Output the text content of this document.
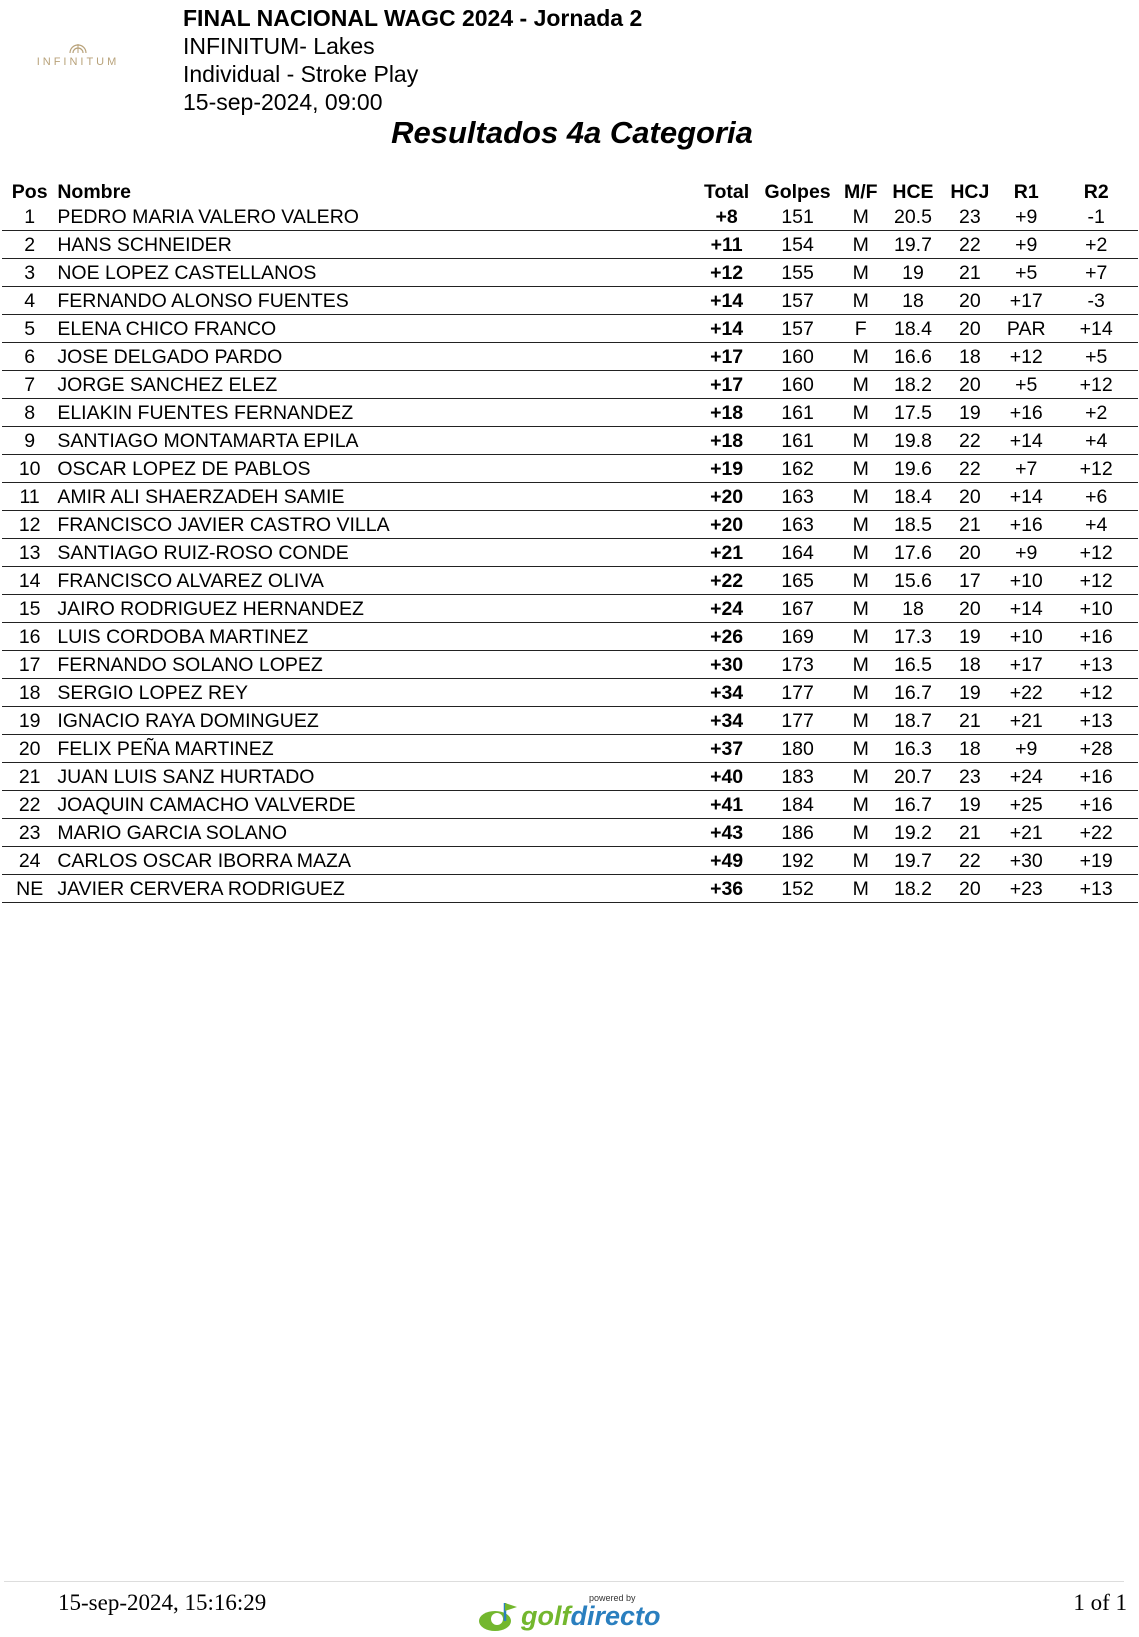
INFINITUM
FINAL NACIONAL WAGC 2024 - Jornada 2
INFINITUM- Lakes
Individual - Stroke Play
15-sep-2024, 09:00
Resultados 4a Categoria
Pos	Nombre	Total	Golpes	M/F	HCE	HCJ	R1	R2
1	PEDRO MARIA VALERO VALERO	+8	151	M	20.5	23	+9	-1
2	HANS SCHNEIDER	+11	154	M	19.7	22	+9	+2
3	NOE LOPEZ CASTELLANOS	+12	155	M	19	21	+5	+7
4	FERNANDO ALONSO FUENTES	+14	157	M	18	20	+17	-3
5	ELENA CHICO FRANCO	+14	157	F	18.4	20	PAR	+14
6	JOSE DELGADO PARDO	+17	160	M	16.6	18	+12	+5
7	JORGE SANCHEZ ELEZ	+17	160	M	18.2	20	+5	+12
8	ELIAKIN FUENTES FERNANDEZ	+18	161	M	17.5	19	+16	+2
9	SANTIAGO MONTAMARTA EPILA	+18	161	M	19.8	22	+14	+4
10	OSCAR LOPEZ DE PABLOS	+19	162	M	19.6	22	+7	+12
11	AMIR ALI SHAERZADEH SAMIE	+20	163	M	18.4	20	+14	+6
12	FRANCISCO JAVIER CASTRO VILLA	+20	163	M	18.5	21	+16	+4
13	SANTIAGO RUIZ-ROSO CONDE	+21	164	M	17.6	20	+9	+12
14	FRANCISCO ALVAREZ OLIVA	+22	165	M	15.6	17	+10	+12
15	JAIRO RODRIGUEZ HERNANDEZ	+24	167	M	18	20	+14	+10
16	LUIS CORDOBA MARTINEZ	+26	169	M	17.3	19	+10	+16
17	FERNANDO SOLANO LOPEZ	+30	173	M	16.5	18	+17	+13
18	SERGIO LOPEZ REY	+34	177	M	16.7	19	+22	+12
19	IGNACIO RAYA DOMINGUEZ	+34	177	M	18.7	21	+21	+13
20	FELIX PEÑA MARTINEZ	+37	180	M	16.3	18	+9	+28
21	JUAN LUIS SANZ HURTADO	+40	183	M	20.7	23	+24	+16
22	JOAQUIN CAMACHO VALVERDE	+41	184	M	16.7	19	+25	+16
23	MARIO GARCIA SOLANO	+43	186	M	19.2	21	+21	+22
24	CARLOS OSCAR IBORRA MAZA	+49	192	M	19.7	22	+30	+19
NE	JAVIER CERVERA RODRIGUEZ	+36	152	M	18.2	20	+23	+13
15-sep-2024, 15:16:29	powered by
golfdirecto	1 of 1
